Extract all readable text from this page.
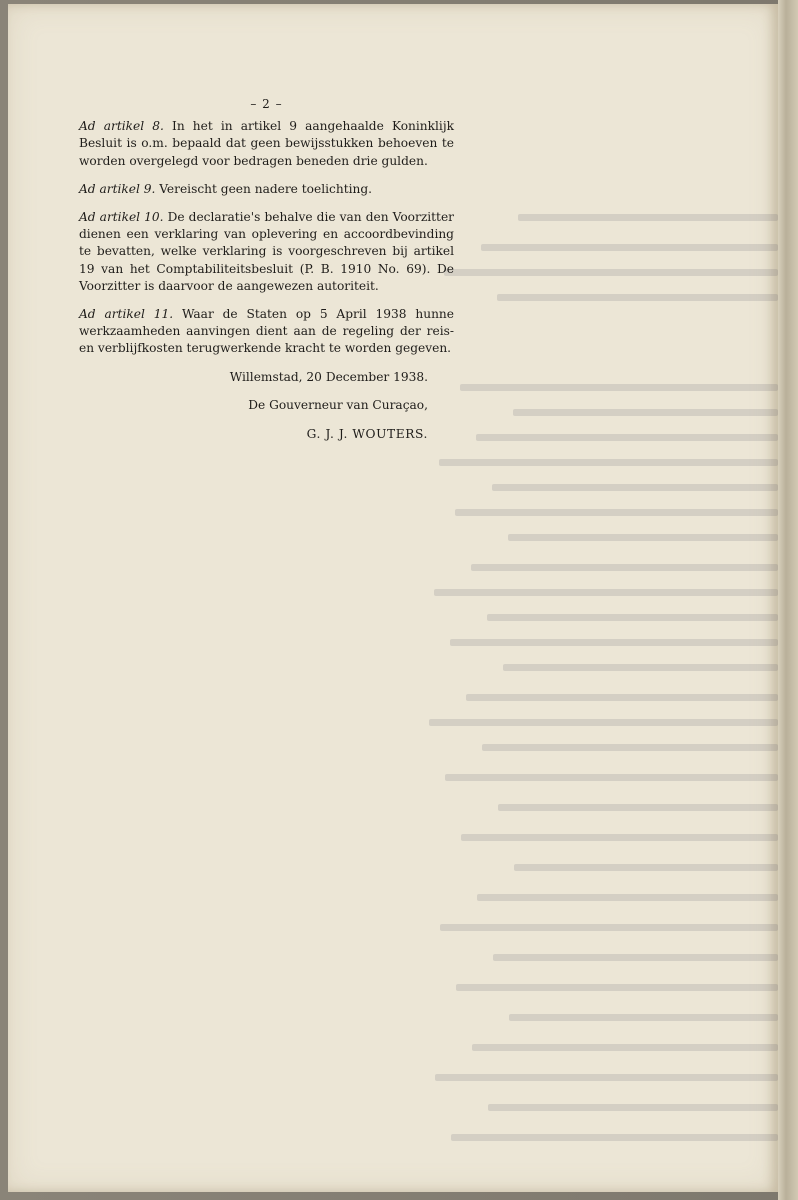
– 2 –

Ad artikel 8. In het in artikel 9 aangehaalde Koninklijk Besluit is o.m. bepaald dat geen bewijsstukken behoeven te worden overgelegd voor bedragen beneden drie gulden.

Ad artikel 9. Vereischt geen nadere toelichting.

Ad artikel 10. De declaratie's behalve die van den Voorzitter dienen een verklaring van oplevering en accoordbevinding te bevatten, welke verklaring is voorgeschreven bij artikel 19 van het Comptabiliteitsbesluit (P. B. 1910 No. 69). De Voorzitter is daarvoor de aangewezen autoriteit.

Ad artikel 11. Waar de Staten op 5 April 1938 hunne werkzaamheden aanvingen dient aan de regeling der reis- en verblijfkosten terugwerkende kracht te worden gegeven.

Willemstad, 20 December 1938.

De Gouverneur van Curaçao,

G. J. J. WOUTERS.
